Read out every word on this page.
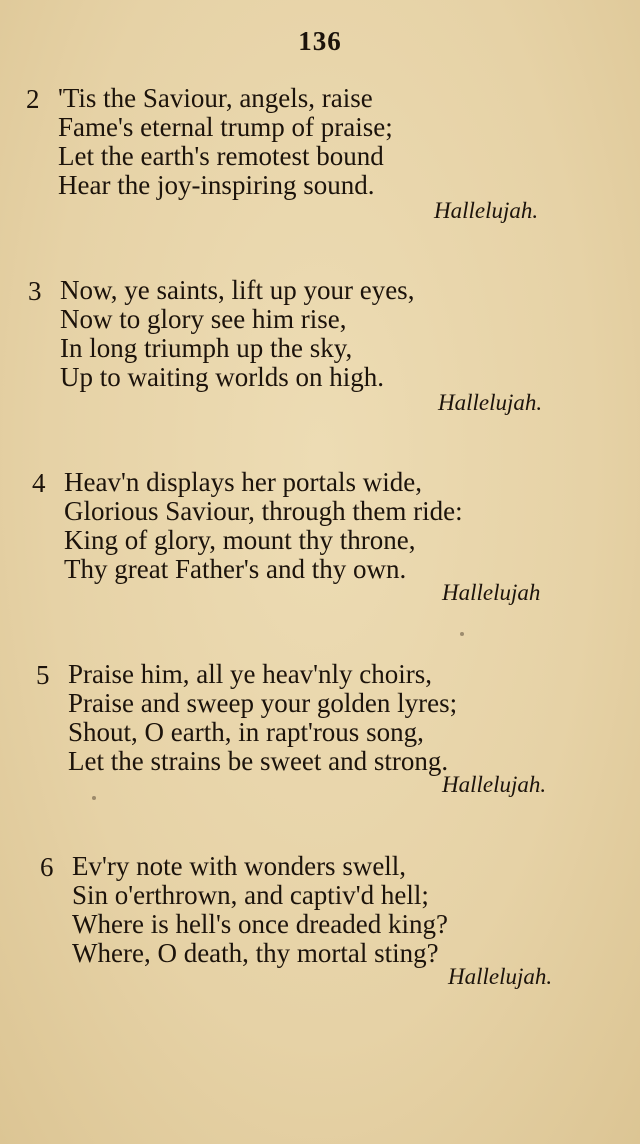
136
2 'Tis the Saviour, angels, raise
Fame's eternal trump of praise;
Let the earth's remotest bound
Hear the joy-inspiring sound.
Hallelujah.
3 Now, ye saints, lift up your eyes,
Now to glory see him rise,
In long triumph up the sky,
Up to waiting worlds on high.
Hallelujah.
4 Heav'n displays her portals wide,
Glorious Saviour, through them ride:
King of glory, mount thy throne,
Thy great Father's and thy own.
Hallelujah
5 Praise him, all ye heav'nly choirs,
Praise and sweep your golden lyres;
Shout, O earth, in rapt'rous song,
Let the strains be sweet and strong.
Hallelujah.
6 Ev'ry note with wonders swell,
Sin o'erthrown, and captiv'd hell;
Where is hell's once dreaded king?
Where, O death, thy mortal sting?
Hallelujah.
